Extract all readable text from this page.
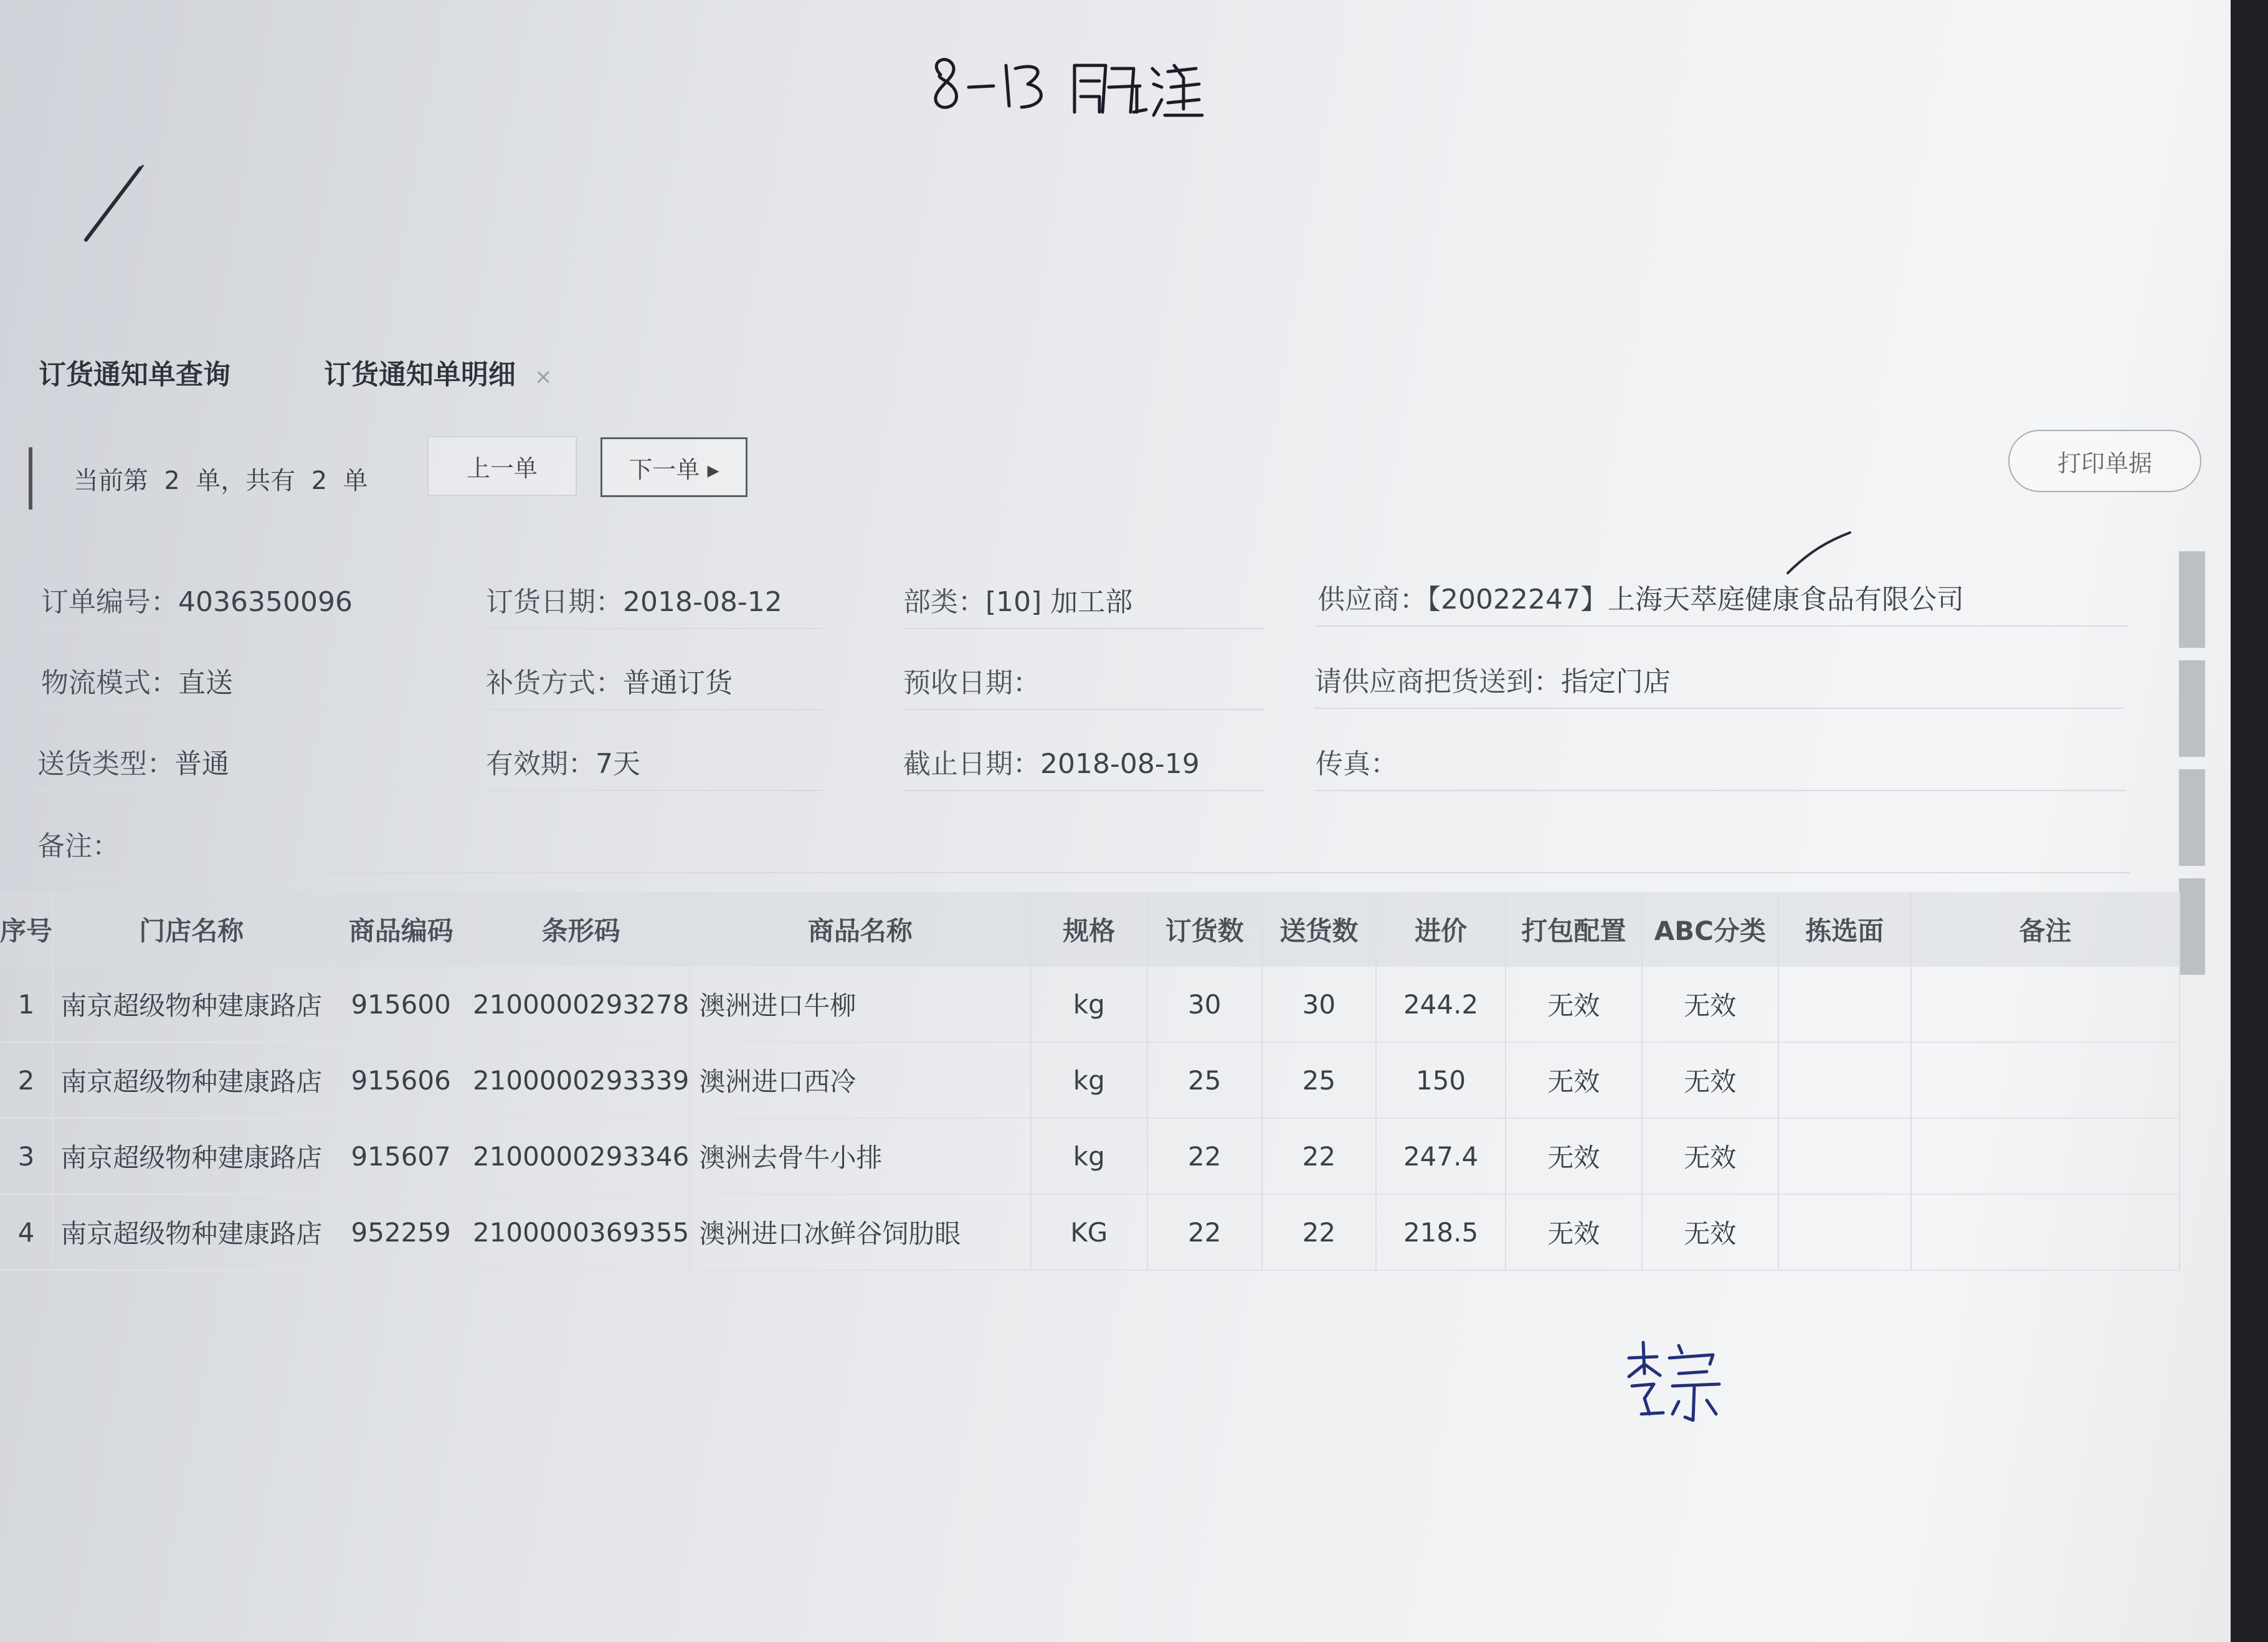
订货通知单查询	订货通知单明细 ×
当前第  2  单，共有  2  单	上一单	下一单 ▸	打印单据
订单编号：4036350096	订货日期：2018-08-12	部类：[10] 加工部	供应商：【20022247】上海天萃庭健康食品有限公司
物流模式：直送	补货方式：普通订货	预收日期：	请供应商把货送到：指定门店
送货类型：普通	有效期：7天	截止日期：2018-08-19	传真：
备注：
序号	门店名称	商品编码	条形码	商品名称	规格	订货数	送货数	进价	打包配置	ABC分类	拣选面	备注
1	南京超级物种建康路店	915600	2100000293278	澳洲进口牛柳	kg	30	30	244.2	无效	无效		
2	南京超级物种建康路店	915606	2100000293339	澳洲进口西冷	kg	25	25	150	无效	无效		
3	南京超级物种建康路店	915607	2100000293346	澳洲去骨牛小排	kg	22	22	247.4	无效	无效		
4	南京超级物种建康路店	952259	2100000369355	澳洲进口冰鲜谷饲肋眼	KG	22	22	218.5	无效	无效		
